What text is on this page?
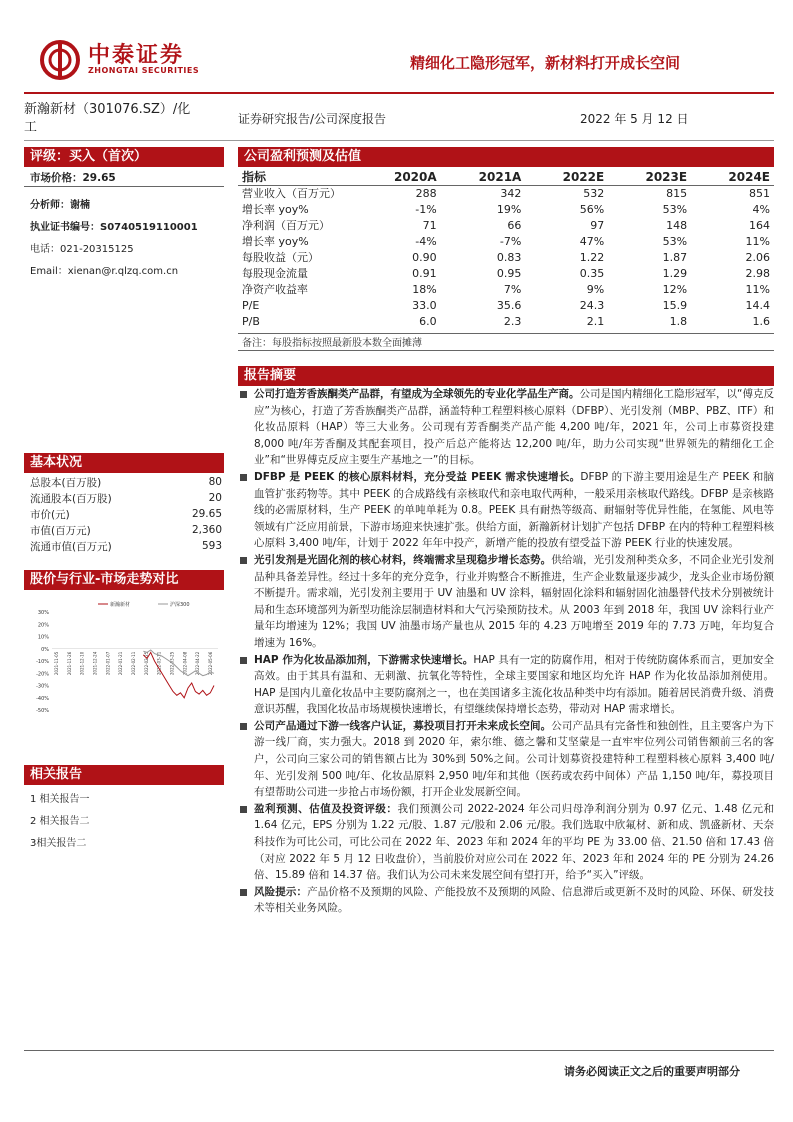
中泰证券
ZHONGTAI SECURITIES	精细化工隐形冠军，新材料打开成长空间
新瀚新材（301076.SZ）/化
工
证券研究报告/公司深度报告	2022 年 5 月 12 日
评级：买入（首次）
市场价格：29.65
分析师：谢楠
执业证书编号：S0740519110001
电话：021-20315125
Email：xienan@r.qlzq.com.cn
基本状况
总股本(百万股)	80
流通股本(百万股)	20
市价(元)	29.65
市值(百万元)	2,360
流通市值(百万元)	593
股价与行业-市场走势对比
30%
20%
10%
0%
-10%
-20%
-30%
-40%
-50%
2021-11-05 2021-11-26 2021-12-10 2021-12-24 2022-01-07 2022-01-21 2022-02-11 2022-02-25 2022-03-11 2022-03-25 2022-04-08 2022-04-22 2022-05-06
新瀚新材	沪深300
相关报告
1 相关报告一
2 相关报告二
3相关报告二
公司盈利预测及估值
指标	2020A	2021A	2022E	2023E	2024E
营业收入（百万元）	288	342	532	815	851
增长率 yoy%	-1%	19%	56%	53%	4%
净利润（百万元）	71	66	97	148	164
增长率 yoy%	-4%	-7%	47%	53%	11%
每股收益（元）	0.90	0.83	1.22	1.87	2.06
每股现金流量	0.91	0.95	0.35	1.29	2.98
净资产收益率	18%	7%	9%	12%	11%
P/E	33.0	35.6	24.3	15.9	14.4
P/B	6.0	2.3	2.1	1.8	1.6
备注：每股指标按照最新股本数全面摊薄
报告摘要
公司打造芳香族酮类产品群，有望成为全球领先的专业化学品生产商。公司是国内精细化工隐形冠军，以“傅克反应”为核心，打造了芳香族酮类产品群，涵盖特种工程塑料核心原料（DFBP）、光引发剂（MBP、PBZ、ITF）和化妆品原料（HAP）等三大业务。公司现有芳香酮类产品产能 4,200 吨/年，2021 年，公司上市募资投建 8,000 吨/年芳香酮及其配套项目，投产后总产能将达 12,200 吨/年，助力公司实现“世界领先的精细化工企业”和“世界傅克反应主要生产基地之一”的目标。
DFBP 是 PEEK 的核心原料材料，充分受益 PEEK 需求快速增长。DFBP 的下游主要用途是生产 PEEK 和脑血管扩张药物等。其中 PEEK 的合成路线有亲核取代和亲电取代两种，一般采用亲核取代路线。DFBP 是亲核路线的必需原材料，生产 PEEK 的单吨单耗为 0.8。PEEK 具有耐热等级高、耐辐射等优异性能，在氢能、风电等领域有广泛应用前景，下游市场迎来快速扩张。供给方面，新瀚新材计划扩产包括 DFBP 在内的特种工程塑料核心原料 3,400 吨/年，计划于 2022 年年中投产，新增产能的投放有望受益下游 PEEK 行业的快速发展。
光引发剂是光固化剂的核心材料，终端需求呈现稳步增长态势。供给端，光引发剂种类众多，不同企业光引发剂品种具备差异性。经过十多年的充分竞争，行业并购整合不断推进，生产企业数量逐步减少，龙头企业市场份额不断提升。需求端，光引发剂主要用于 UV 油墨和 UV 涂料，辐射固化涂料和辐射固化油墨替代技术分别被统计局和生态环境部列为新型功能涂层制造材料和大气污染预防技术。从 2003 年到 2018 年，我国 UV 涂料行业产量年均增速为 12%；我国 UV 油墨市场产量也从 2015 年的 4.23 万吨增至 2019 年的 7.73 万吨，年均复合增速为 16%。
HAP 作为化妆品添加剂，下游需求快速增长。HAP 具有一定的防腐作用，相对于传统防腐体系而言，更加安全高效。由于其具有温和、无刺激、抗氧化等特性，全球主要国家和地区均允许 HAP 作为化妆品添加剂使用。HAP 是国内儿童化妆品中主要防腐剂之一，也在美国诸多主流化妆品种类中均有添加。随着居民消费升级、消费意识苏醒，我国化妆品市场规模快速增长，有望继续保持增长态势，带动对 HAP 需求增长。
公司产品通过下游一线客户认证，募投项目打开未来成长空间。公司产品具有完备性和独创性，且主要客户为下游一线厂商，实力强大。2018 到 2020 年，索尔维、德之馨和艾坚蒙是一直牢牢位列公司销售额前三名的客户，公司向三家公司的销售额占比为 30%到 50%之间。公司计划募资投建特种工程塑料核心原料 3,400 吨/年、光引发剂 500 吨/年、化妆品原料 2,950 吨/年和其他（医药或农药中间体）产品 1,150 吨/年，募投项目有望帮助公司进一步抢占市场份额，打开企业发展新空间。
盈利预测、估值及投资评级：我们预测公司 2022-2024 年公司归母净利润分别为 0.97 亿元、1.48 亿元和 1.64 亿元，EPS 分别为 1.22 元/股、1.87 元/股和 2.06 元/股。我们选取中欣氟材、新和成、凯盛新材、天奈科技作为可比公司，可比公司在 2022 年、2023 年和 2024 年的平均 PE 为 33.00 倍、21.50 倍和 17.43 倍（对应 2022 年 5 月 12 日收盘价），当前股价对应公司在 2022 年、2023 年和 2024 年的 PE 分别为 24.26 倍、15.89 倍和 14.37 倍。我们认为公司未来发展空间有望打开，给予“买入”评级。
风险提示：产品价格不及预期的风险、产能投放不及预期的风险、信息滞后或更新不及时的风险、环保、研发技术等相关业务风险。
请务必阅读正文之后的重要声明部分
